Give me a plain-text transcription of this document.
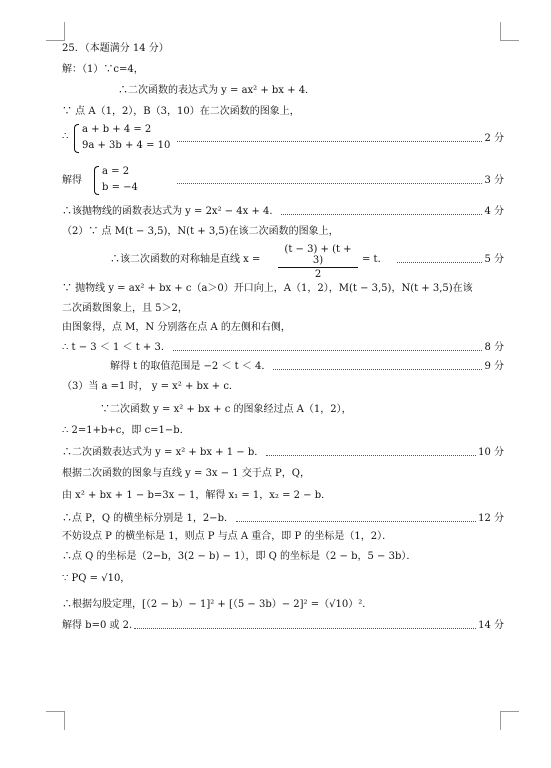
25．（本题满分 14 分）
解：（1）∵c=4，
∴二次函数的表达式为 y = ax² + bx + 4．
∵ 点 A（1，2），B（3，10）在二次函数的图象上，
∴
a + b + 4 = 2
9a + 3b + 4 = 10
2 分
解得
a = 2
b = −4
3 分
∴该抛物线的函数表达式为 y = 2x² − 4x + 4．	4 分
（2）∵ 点 M(t − 3,5)，N(t + 3,5)在该二次函数的图象上，
∴该二次函数的对称轴是直线 x =
(t − 3) + (t + 3)
2
= t．	5 分
∵ 抛物线 y = ax² + bx + c（a＞0）开口向上，A（1，2），M(t − 3,5)，N(t + 3,5)在该
二次函数图象上，且 5＞2，
由图象得，点 M，N 分别落在点 A 的左侧和右侧，
∴ t − 3 ＜ 1 ＜ t + 3．	8 分
解得 t 的取值范围是 −2 ＜ t ＜ 4．	9 分
（3）当 a =1 时， y = x² + bx + c．
∵二次函数 y = x² + bx + c 的图象经过点 A（1，2），
∴ 2=1+b+c，即 c=1−b．
∴二次函数表达式为 y = x² + bx + 1 − b．	10 分
根据二次函数的图象与直线 y = 3x − 1 交于点 P，Q，
由 x² + bx + 1 − b=3x − 1，解得 x₁ = 1，x₂ = 2 − b．
∴点 P，Q 的横坐标分别是 1，2−b．	12 分
不妨设点 P 的横坐标是 1，则点 P 与点 A 重合，即 P 的坐标是（1，2）．
∴点 Q 的坐标是（2−b，3(2 − b) − 1），即 Q 的坐标是（2 − b，5 − 3b）．
∵ PQ = √10，
∴根据勾股定理，[（2 − b）− 1]² + [（5 − 3b）− 2]² =（√10）²．
解得 b=0 或 2.	14 分
